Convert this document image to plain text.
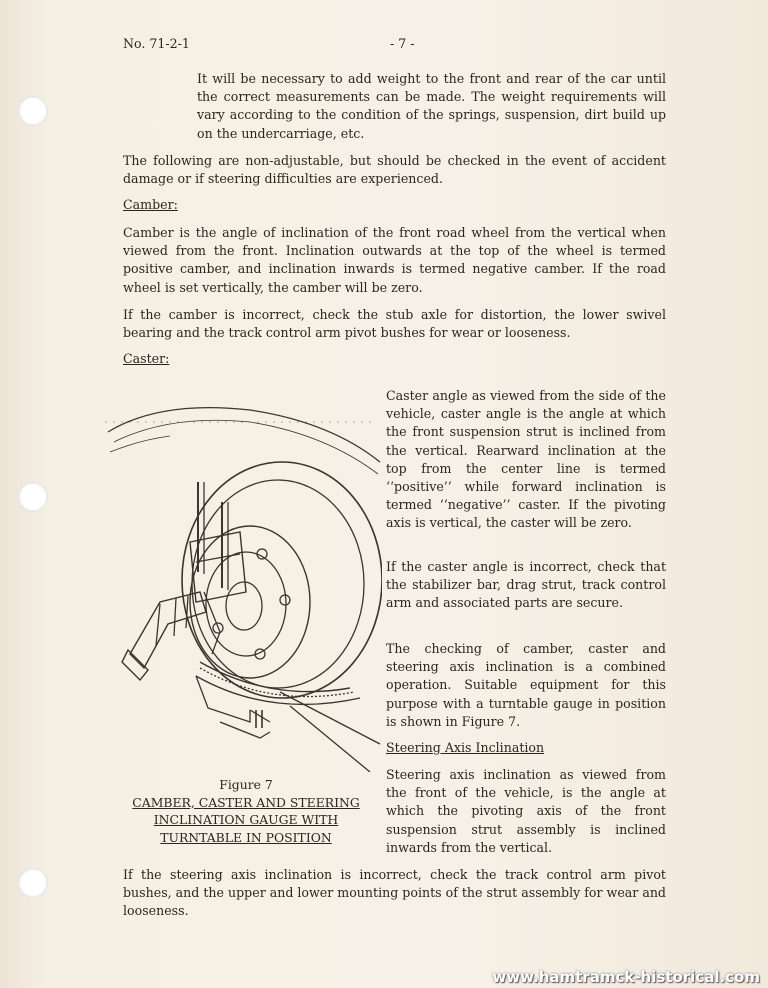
No. 71-2-1	- 7 -

It will be necessary to add weight to the front and rear of the car until the correct measurements can be made. The weight requirements will vary according to the condition of the springs, suspension, dirt build up on the undercarriage, etc.

The following are non-adjustable, but should be checked in the event of accident damage or if steering difficulties are experienced.

Camber:

Camber is the angle of inclination of the front road wheel from the vertical when viewed from the front. Inclination outwards at the top of the wheel is termed positive camber, and inclination inwards is termed negative camber. If the road wheel is set vertically, the camber will be zero.

If the camber is incorrect, check the stub axle for distortion, the lower swivel bearing and the track control arm pivot bushes for wear or looseness.

Caster:

Caster angle as viewed from the side of the vehicle, caster angle is the angle at which the front suspension strut is inclined from the vertical. Rearward inclination at the top from the center line is termed ‘‘positive’’ while forward inclination is termed ‘‘negative’’ caster. If the pivoting axis is vertical, the caster will be zero.

If the caster angle is incorrect, check that the stabilizer bar, drag strut, track control arm and associated parts are secure.

The checking of camber, caster and steering axis inclination is a combined operation. Suitable equipment for this purpose with a turntable gauge in position is shown in Figure 7.

Steering Axis Inclination

Steering axis inclination as viewed from the front of the vehicle, is the angle at which the pivoting axis of the front suspension strut assembly is inclined inwards from the vertical.

If the steering axis inclination is incorrect, check the track control arm pivot bushes, and the upper and lower mounting points of the strut assembly for wear and looseness.

Figure 7
CAMBER, CASTER AND STEERING
INCLINATION GAUGE WITH
TURNTABLE IN POSITION
www.hamtramck-historical.com
